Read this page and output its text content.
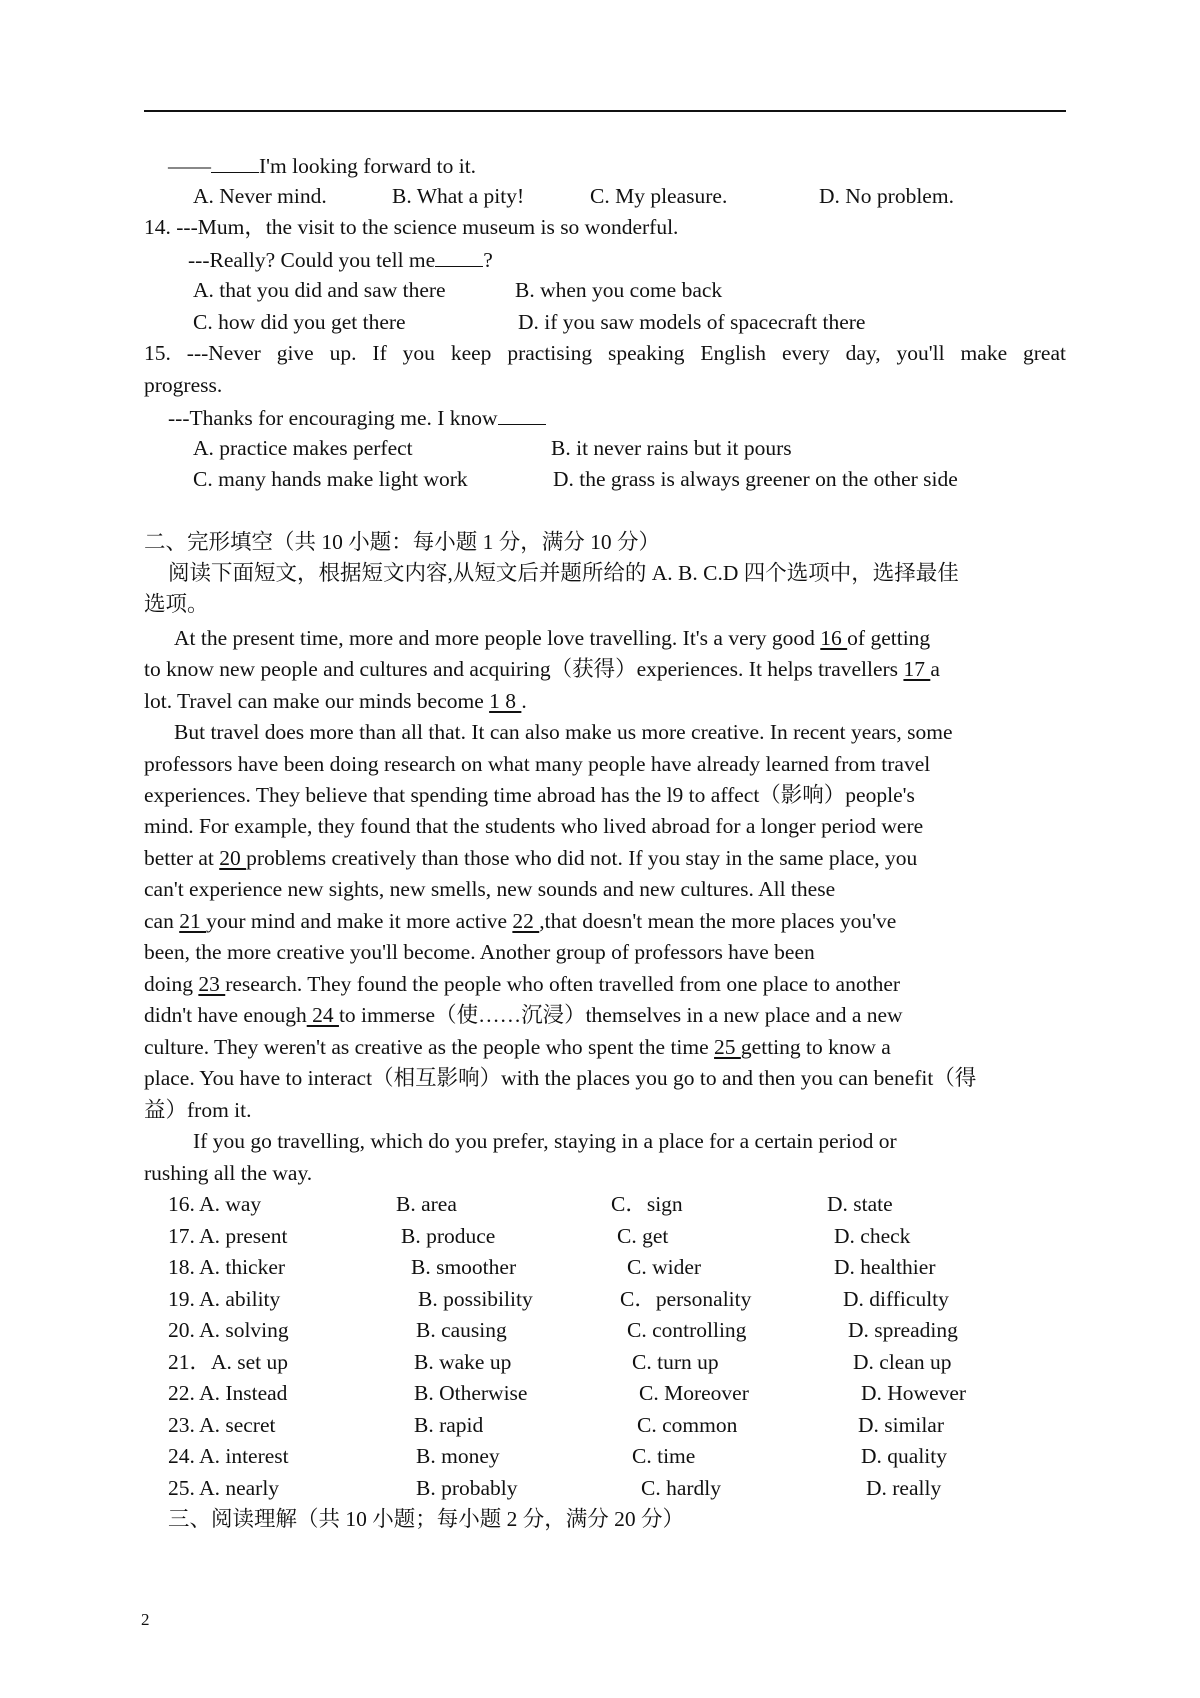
—— I'm looking forward to it.
A. Never mind.	B. What a pity!	C. My pleasure.	D. No problem.
14. ---Mum，the visit to the science museum is so wonderful.
---Really? Could you tell me ?
A. that you did and saw there	B. when you come back
C. how did you get there	D. if you saw models of spacecraft there
15. ---Never give up. If you keep practising speaking English every day, you'll make great
progress.
---Thanks for encouraging me. I know
A. practice makes perfect	B. it never rains but it pours
C. many hands make light work	D. the grass is always greener on the other side
二、完形填空（共 10 小题：每小题 1 分，满分 10 分）
阅读下面短文，根据短文内容,从短文后并题所给的 A. B. C.D 四个选项中，选择最佳
选项。
At the present time, more and more people love travelling. It's a very good 16 of getting
to know new people and cultures and acquiring（获得）experiences. It helps travellers 17 a
lot. Travel can make our minds become 1 8 .
But travel does more than all that. It can also make us more creative. In recent years, some
professors have been doing research on what many people have already learned from travel
experiences. They believe that spending time abroad has the l9 to affect（影响）people's
mind. For example, they found that the students who lived abroad for a longer period were
better at 20 problems creatively than those who did not. If you stay in the same place, you
can't experience new sights, new smells, new sounds and new cultures. All these
can 21 your mind and make it more active 22 ,that doesn't mean the more places you've
been, the more creative you'll become. Another group of professors have been
doing 23 research. They found the people who often travelled from one place to another
didn't have enough 24 to immerse（使……沉浸）themselves in a new place and a new
culture. They weren't as creative as the people who spent the time 25 getting to know a
place. You have to interact（相互影响）with the places you go to and then you can benefit（得
益）from it.
If you go travelling, which do you prefer, staying in a place for a certain period or
rushing all the way.
16. A. way	B. area	C．sign	D. state
17. A. present	B. produce	C. get	D. check
18. A. thicker	B. smoother	C. wider	D. healthier
19. A. ability	B. possibility	C．personality	D. difficulty
20. A. solving	B. causing	C. controlling	D. spreading
21．A. set up	B. wake up	C. turn up	D. clean up
22. A. Instead	B. Otherwise	C. Moreover	D. However
23. A. secret	B. rapid	C. common	D. similar
24. A. interest	B. money	C. time	D. quality
25. A. nearly	B. probably	C. hardly	D. really
三、阅读理解（共 10 小题；每小题 2 分，满分 20 分）
2
